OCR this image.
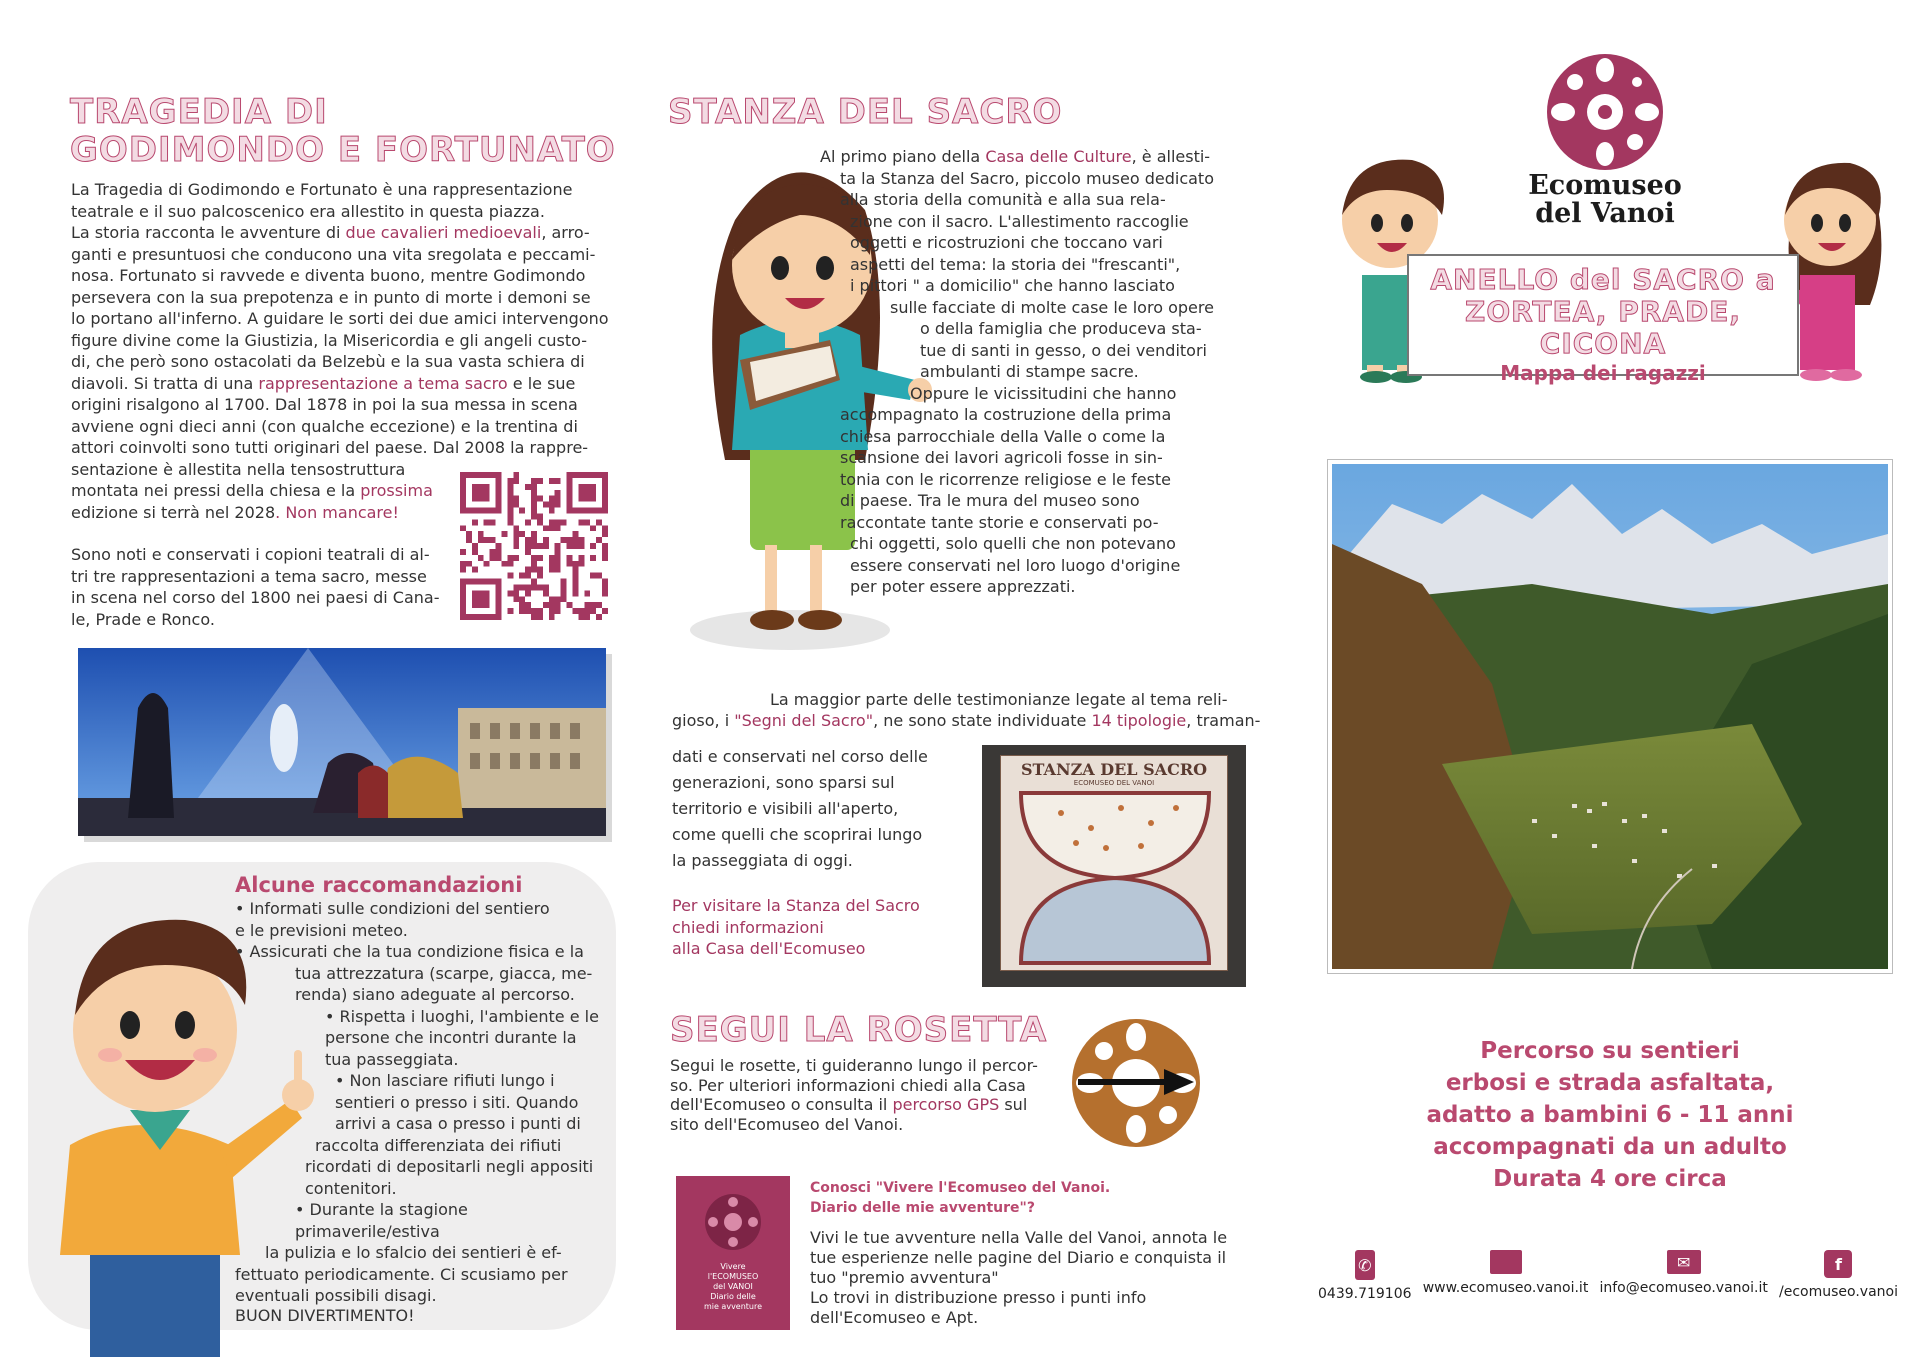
TRAGEDIA DI
GODIMONDO E FORTUNATO
La Tragedia di Godimondo e Fortunato è una rappresentazione
teatrale e il suo palcoscenico era allestito in questa piazza.
La storia racconta le avventure di due cavalieri medioevali, arro-
ganti e presuntuosi che conducono una vita sregolata e peccami-
nosa. Fortunato si ravvede e diventa buono, mentre Godimondo
persevera con la sua prepotenza e in punto di morte i demoni se
lo portano all'inferno. A guidare le sorti dei due amici intervengono
figure divine come la Giustizia, la Misericordia e gli angeli custo-
di, che però sono ostacolati da Belzebù e la sua vasta schiera di
diavoli. Si tratta di una rappresentazione a tema sacro e le sue
origini risalgono al 1700. Dal 1878 in poi la sua messa in scena
avviene ogni dieci anni (con qualche eccezione) e la trentina di
attori coinvolti sono tutti originari del paese. Dal 2008 la rappre-
sentazione è allestita nella tensostruttura
montata nei pressi della chiesa e la prossima
edizione si terrà nel 2028. Non mancare!
Sono noti e conservati i copioni teatrali di al-
tri tre rappresentazioni a tema sacro, messe
in scena nel corso del 1800 nei paesi di Cana-
le, Prade e Ronco.
Alcune raccomandazioni
• Informati sulle condizioni del sentiero
e le previsioni meteo.
• Assicurati che la tua condizione fisica e la
tua attrezzatura (scarpe, giacca, me-
renda) siano adeguate al percorso.
• Rispetta i luoghi, l'ambiente e le
persone che incontri durante la
tua passeggiata.
• Non lasciare rifiuti lungo i
sentieri o presso i siti. Quando
arrivi a casa o presso i punti di
raccolta differenziata dei rifiuti
ricordati di depositarli negli appositi
contenitori.
• Durante la stagione primaverile/estiva
la pulizia e lo sfalcio dei sentieri è ef-
fettuato periodicamente. Ci scusiamo per
eventuali possibili disagi.
BUON DIVERTIMENTO!
STANZA DEL SACRO
Al primo piano della Casa delle Culture, è allesti-
ta la Stanza del Sacro, piccolo museo dedicato
alla storia della comunità e alla sua rela-
zione con il sacro. L'allestimento raccoglie
oggetti e ricostruzioni che toccano vari
aspetti del tema: la storia dei "frescanti",
i pittori " a domicilio" che hanno lasciato
sulle facciate di molte case le loro opere
o della famiglia che produceva sta-
tue di santi in gesso, o dei venditori
ambulanti di stampe sacre.
Oppure le vicissitudini che hanno
accompagnato la costruzione della prima
chiesa parrocchiale della Valle o come la
scansione dei lavori agricoli fosse in sin-
tonia con le ricorrenze religiose e le feste
di paese. Tra le mura del museo sono
raccontate tante storie e conservati po-
chi oggetti, solo quelli che non potevano
essere conservati nel loro luogo d'origine
per poter essere apprezzati.
La maggior parte delle testimonianze legate al tema reli-
gioso, i "Segni del Sacro", ne sono state individuate 14 tipologie, traman-
dati e conservati nel corso delle
generazioni, sono sparsi sul
territorio e visibili all'aperto,
come quelli che scoprirai lungo
la passeggiata di oggi.
Per visitare la Stanza del Sacro
chiedi informazioni
alla Casa dell'Ecomuseo
STANZA DEL SACRO
ECOMUSEO DEL VANOI
SEGUI LA ROSETTA
Segui le rosette, ti guideranno lungo il percor-
so. Per ulteriori informazioni chiedi alla Casa
dell'Ecomuseo o consulta il percorso GPS sul
sito dell'Ecomuseo del Vanoi.
Vivere
l'ECOMUSEO
del VANOI
Diario delle
mie avventure
Conosci "Vivere l'Ecomuseo del Vanoi.
Diario delle mie avventure"?
Vivi le tue avventure nella Valle del Vanoi, annota le
tue esperienze nelle pagine del Diario e conquista il
tuo "premio avventura"
Lo trovi in distribuzione presso i punti info
dell'Ecomuseo e Apt.
Ecomuseo
del Vanoi
ANELLO del SACRO a
ZORTEA, PRADE, CICONA
Mappa dei ragazzi
Percorso su sentieri
erbosi e strada asfaltata,
adatto a bambini 6 - 11 anni
accompagnati da un adulto
Durata 4 ore circa
✆
0439.719106 www.ecomuseo.vanoi.it
✉
info@ecomuseo.vanoi.it
f
/ecomuseo.vanoi
